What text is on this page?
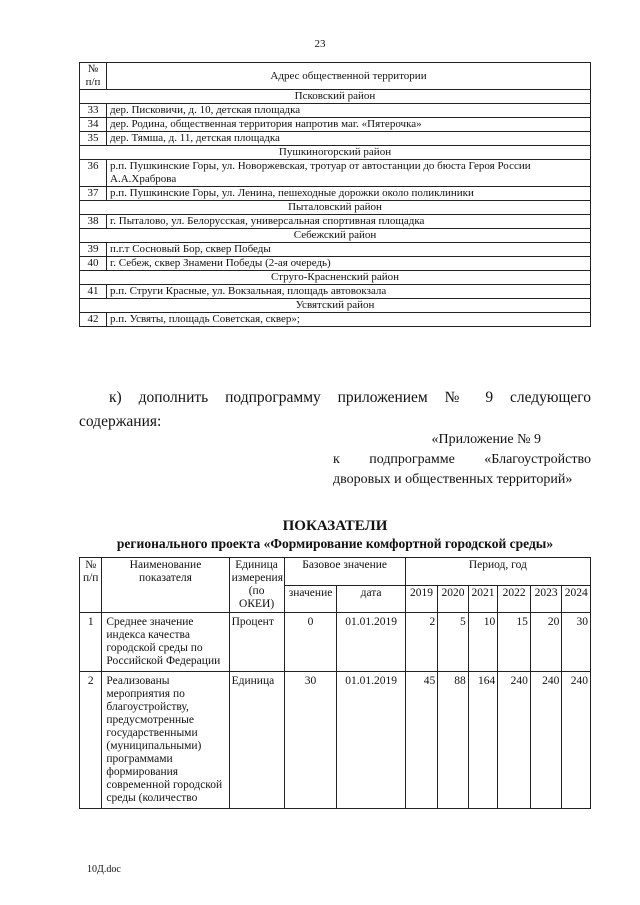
23
№ п/п	Адрес общественной территории
Псковский район	
33	дер. Писковичи, д. 10, детская площадка
34	дер. Родина, общественная территория напротив маг. «Пятерочка»
35	дер. Тямша, д. 11, детская площадка
Пушкиногорский район	
36	р.п. Пушкинские Горы, ул. Новоржевская, тротуар от автостанции до бюста Героя России А.А.Храброва
37	р.п. Пушкинские Горы, ул. Ленина, пешеходные дорожки около поликлиники
Пыталовский район	
38	г. Пыталово, ул. Белорусская, универсальная спортивная площадка
Себежский район	
39	п.г.т Сосновый Бор, сквер Победы
40	г. Себеж, сквер Знамени Победы (2-ая очередь)
Струго-Красненский район	
41	р.п. Струги Красные, ул. Вокзальная, площадь автовокзала
Усвятский район	
42	р.п. Усвяты, площадь Советская, сквер»;
к) дополнить подпрограмму приложением № 9 следующего
содержания:
«Приложение № 9
к подпрограмме «Благоустройство
дворовых и общественных территорий»
ПОКАЗАТЕЛИ
регионального проекта «Формирование комфортной городской среды»
№ п/п	Наименование показателя	Единица измерения (по ОКЕИ)	Базовое значение		Период, год					
			значение	дата	2019	2020	2021	2022	2023	2024
1	Среднее значение индекса качества городской среды по Российской Федерации	Процент	0	01.01.2019	2	5	10	15	20	30
2	Реализованы мероприятия по благоустройству, предусмотренные государственными (муниципальными) программами формирования современной городской среды (количество	Единица	30	01.01.2019	45	88	164	240	240	240
10Д.doc
